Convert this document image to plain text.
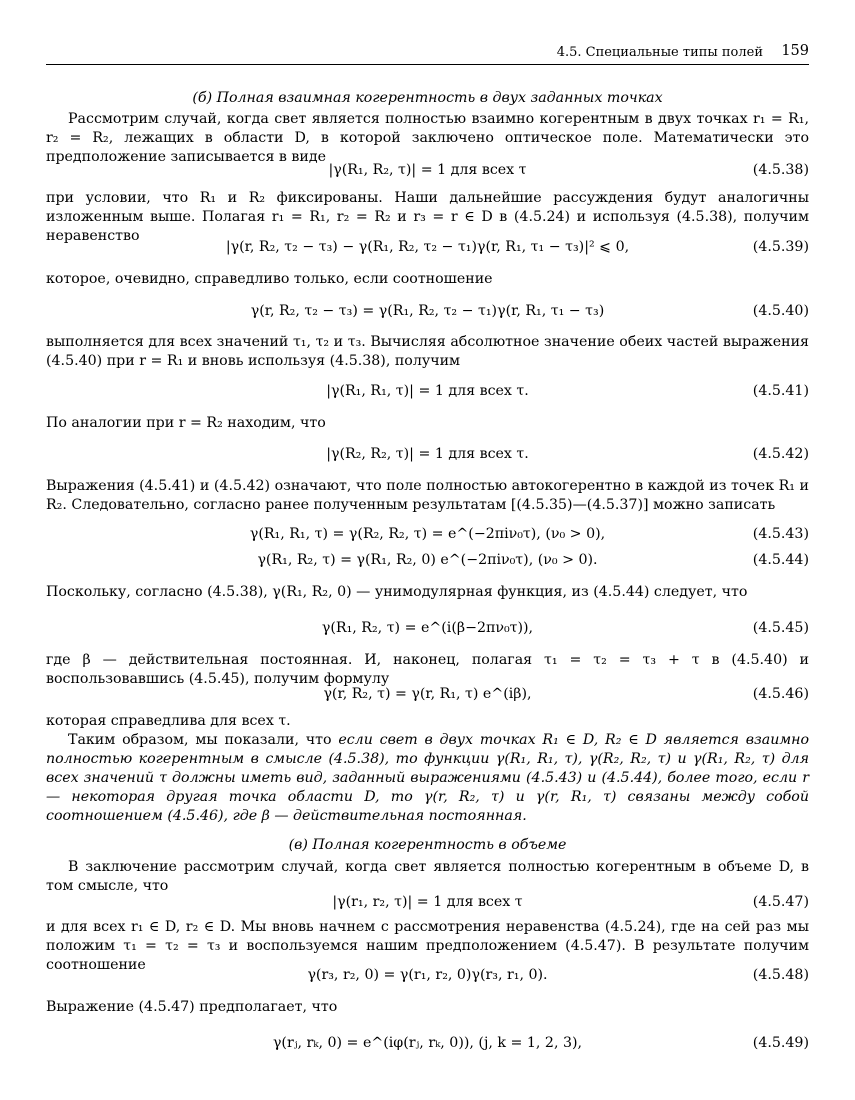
4.5. Специальные типы полей 159
(б) Полная взаимная когерентность в двух заданных точках

Рассмотрим случай, когда свет является полностью взаимно когерентным в двух точках r₁ = R₁, r₂ = R₂, лежащих в области D, в которой заключено оптическое поле. Математически это предположение записывается в виде

|γ(R₁, R₂, τ)| = 1 для всех τ	(4.5.38)

при условии, что R₁ и R₂ фиксированы. Наши дальнейшие рассуждения будут аналогичны изложенным выше. Полагая r₁ = R₁, r₂ = R₂ и r₃ = r ∈ D в (4.5.24) и используя (4.5.38), получим неравенство

|γ(r, R₂, τ₂ − τ₃) − γ(R₁, R₂, τ₂ − τ₁)γ(r, R₁, τ₁ − τ₃)|² ⩽ 0,	(4.5.39)

которое, очевидно, справедливо только, если соотношение

γ(r, R₂, τ₂ − τ₃) = γ(R₁, R₂, τ₂ − τ₁)γ(r, R₁, τ₁ − τ₃)	(4.5.40)

выполняется для всех значений τ₁, τ₂ и τ₃. Вычисляя абсолютное значение обеих частей выражения (4.5.40) при r = R₁ и вновь используя (4.5.38), получим

|γ(R₁, R₁, τ)| = 1 для всех τ.	(4.5.41)

По аналогии при r = R₂ находим, что

|γ(R₂, R₂, τ)| = 1 для всех τ.	(4.5.42)

Выражения (4.5.41) и (4.5.42) означают, что поле полностью автокогерентно в каждой из точек R₁ и R₂. Следовательно, согласно ранее полученным результатам [(4.5.35)—(4.5.37)] можно записать

γ(R₁, R₁, τ) = γ(R₂, R₂, τ) = e^(−2πiν₀τ), (ν₀ > 0),	(4.5.43)
γ(R₁, R₂, τ) = γ(R₁, R₂, 0) e^(−2πiν₀τ), (ν₀ > 0).	(4.5.44)

Поскольку, согласно (4.5.38), γ(R₁, R₂, 0) — унимодулярная функция, из (4.5.44) следует, что

γ(R₁, R₂, τ) = e^(i(β−2πν₀τ)),	(4.5.45)

где β — действительная постоянная. И, наконец, полагая τ₁ = τ₂ = τ₃ + τ в (4.5.40) и воспользовавшись (4.5.45), получим формулу

γ(r, R₂, τ) = γ(r, R₁, τ) e^(iβ),	(4.5.46)

которая справедлива для всех τ.

Таким образом, мы показали, что если свет в двух точках R₁ ∈ D, R₂ ∈ D является взаимно полностью когерентным в смысле (4.5.38), то функции γ(R₁, R₁, τ), γ(R₂, R₂, τ) и γ(R₁, R₂, τ) для всех значений τ должны иметь вид, заданный выражениями (4.5.43) и (4.5.44), более того, если r — некоторая другая точка области D, то γ(r, R₂, τ) и γ(r, R₁, τ) связаны между собой соотношением (4.5.46), где β — действительная постоянная.

(в) Полная когерентность в объеме

В заключение рассмотрим случай, когда свет является полностью когерентным в объеме D, в том смысле, что

|γ(r₁, r₂, τ)| = 1 для всех τ	(4.5.47)

и для всех r₁ ∈ D, r₂ ∈ D. Мы вновь начнем с рассмотрения неравенства (4.5.24), где на сей раз мы положим τ₁ = τ₂ = τ₃ и воспользуемся нашим предположением (4.5.47). В результате получим соотношение

γ(r₃, r₂, 0) = γ(r₁, r₂, 0)γ(r₃, r₁, 0).	(4.5.48)

Выражение (4.5.47) предполагает, что

γ(rⱼ, rₖ, 0) = e^(iφ(rⱼ, rₖ, 0)), (j, k = 1, 2, 3),	(4.5.49)
